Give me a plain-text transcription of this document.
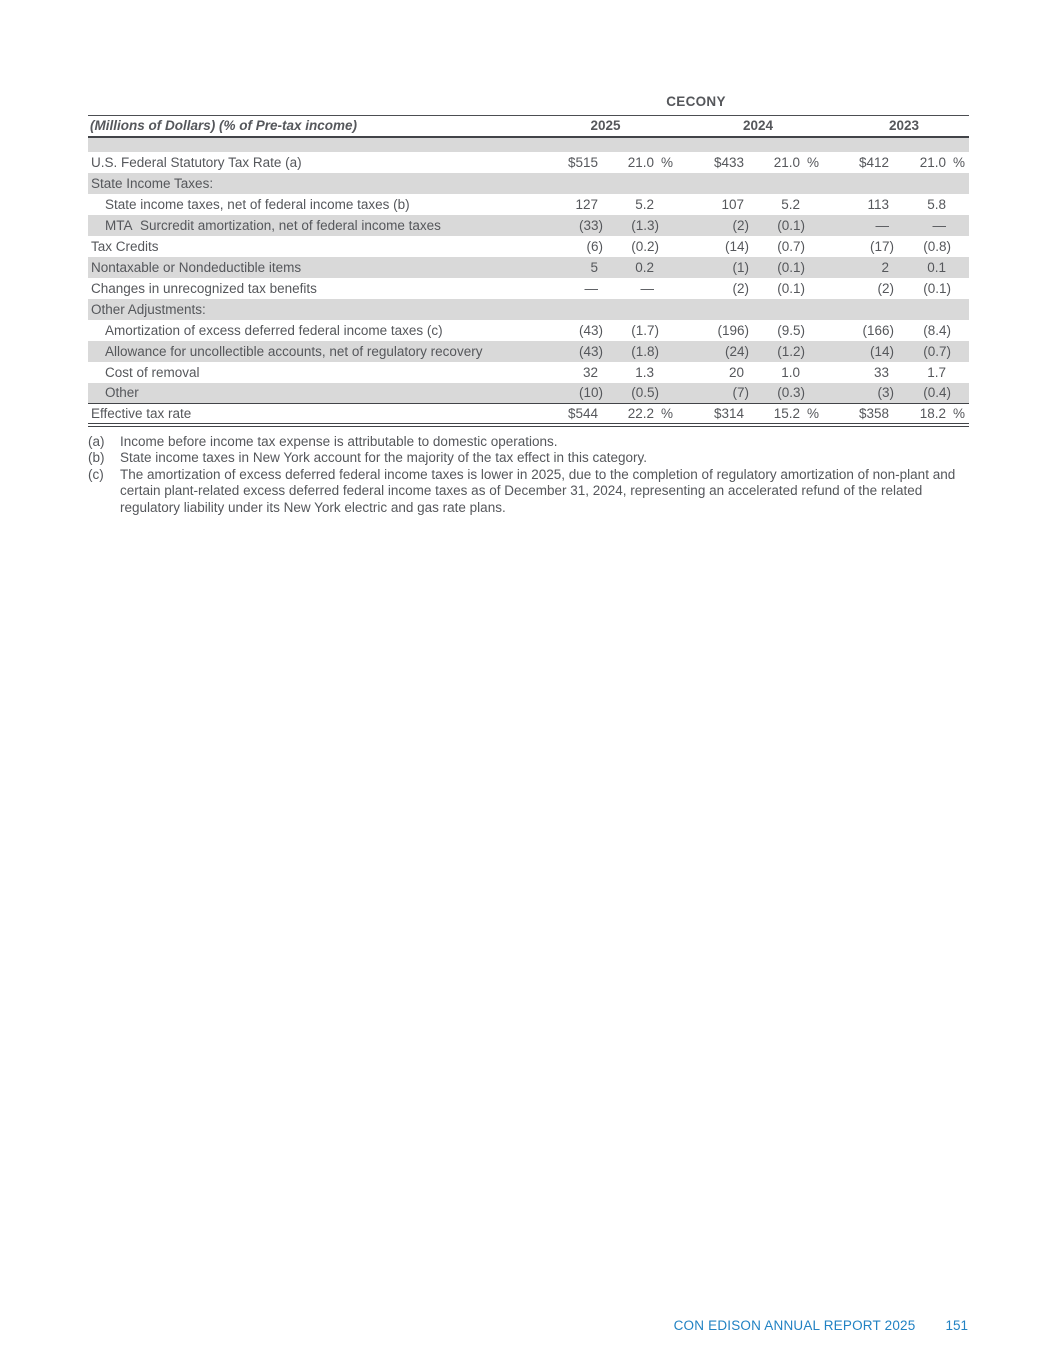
CECONY
(Millions of Dollars) (% of Pre-tax income)	2025		2024		2023	

U.S. Federal Statutory Tax Rate (a)	$515	21.0 %	$433	21.0 %	$412	21.0 %
State Income Taxes:						
State income taxes, net of federal income taxes (b)	127	5.2	107	5.2	113	5.8
MTA  Surcredit amortization, net of federal income taxes	(33)	(1.3)	(2)	(0.1)	—	—
Tax Credits	(6)	(0.2)	(14)	(0.7)	(17)	(0.8)
Nontaxable or Nondeductible items	5	0.2	(1)	(0.1)	2	0.1
Changes in unrecognized tax benefits	—	—	(2)	(0.1)	(2)	(0.1)
Other Adjustments:						
Amortization of excess deferred federal income taxes (c)	(43)	(1.7)	(196)	(9.5)	(166)	(8.4)
Allowance for uncollectible accounts, net of regulatory recovery	(43)	(1.8)	(24)	(1.2)	(14)	(0.7)
Cost of removal	32	1.3	20	1.0	33	1.7
Other	(10)	(0.5)	(7)	(0.3)	(3)	(0.4)
Effective tax rate	$544	22.2 %	$314	15.2 %	$358	18.2 %
(a)	Income before income tax expense is attributable to domestic operations.
(b)	State income taxes in New York account for the majority of the tax effect in this category.
(c)	The amortization of excess deferred federal income taxes is lower in 2025, due to the completion of regulatory amortization of non-plant and certain plant-related excess deferred federal income taxes as of December 31, 2024, representing an accelerated refund of the related regulatory liability under its New York electric and gas rate plans.
CON EDISON ANNUAL REPORT 2025 151
